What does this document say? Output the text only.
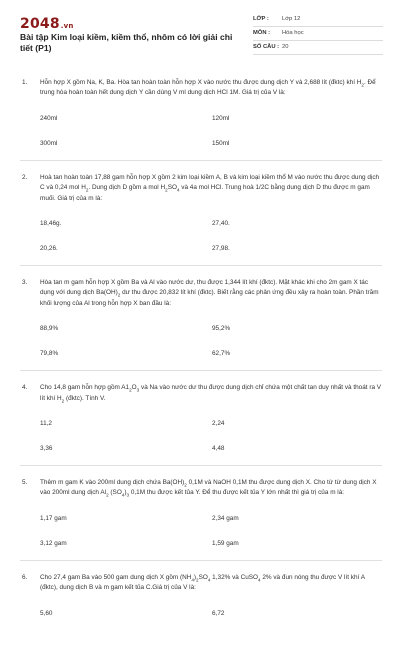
2048.vn
Bài tập Kim loại kiềm, kiềm thổ, nhôm có lời giải chi tiết (P1)
LỚP : Lớp 12
MÔN : Hóa học
SỐ CÂU : 20
1. Hỗn hợp X gồm Na, K, Ba. Hòa tan hoàn toàn hỗn hợp X vào nước thu được dung dịch Y và 2,688 lít (đktc) khí $H_2$. Để trung hòa hoàn toàn hết dung dịch Y cần dùng V ml dung dịch HCl 1M. Giá trị của V là:
240ml	120ml
300ml	150ml
2. Hoà tan hoàn toàn 17,88 gam hỗn hợp X gồm 2 kim loại kiềm A, B và kim loại kiềm thổ M vào nước thu được dung dịch C và 0,24 mol $H_2$. Dung dịch D gồm a mol $H_2SO_4$ và 4a mol HCl. Trung hoà 1/2C bằng dung dịch D thu được m gam muối. Giá trị của m là:
18,46g.	27,40.
20,26.	27,98.
3. Hòa tan m gam hỗn hợp X gồm Ba và Al vào nước dư, thu được 1,344 lít khí (đktc). Mặt khác khi cho 2m gam X tác dụng với dung dịch $Ba(OH)_2$ dư thu được 20,832 lít khí (đktc). Biết rằng các phản ứng đều xảy ra hoàn toàn. Phần trăm khối lượng của Al trong hỗn hợp X ban đầu là:
88,9%	95,2%
79,8%	62,7%
4. Cho 14,8 gam hỗn hợp gồm $A1_2O_3$ và Na vào nước dư thu được dung dịch chỉ chứa một chất tan duy nhất và thoát ra V lít khí $H_2$ (đktc). Tính V.
11,2	2,24
3,36	4,48
5. Thêm m gam K vào 200ml dung dịch chứa $Ba(OH)_2$ 0,1M và NaOH 0,1M thu được dung dịch X. Cho từ từ dung dịch X vào 200ml dung dịch $Al_2$ $(SO_4)_3$ 0,1M thu được kết tủa Y. Để thu được kết tủa Y lớn nhất thì giá trị của m là:
1,17 gam	2,34 gam
3,12 gam	1,59 gam
6. Cho 27,4 gam Ba vào 500 gam dung dịch X gồm $(NH_4)_2SO_4$ 1,32% và CuSO$_4$ 2% và đun nóng thu được V lít khí A (đktc), dung dịch B và m gam kết tủa C.Giá trị của V là:
5,60	6,72
